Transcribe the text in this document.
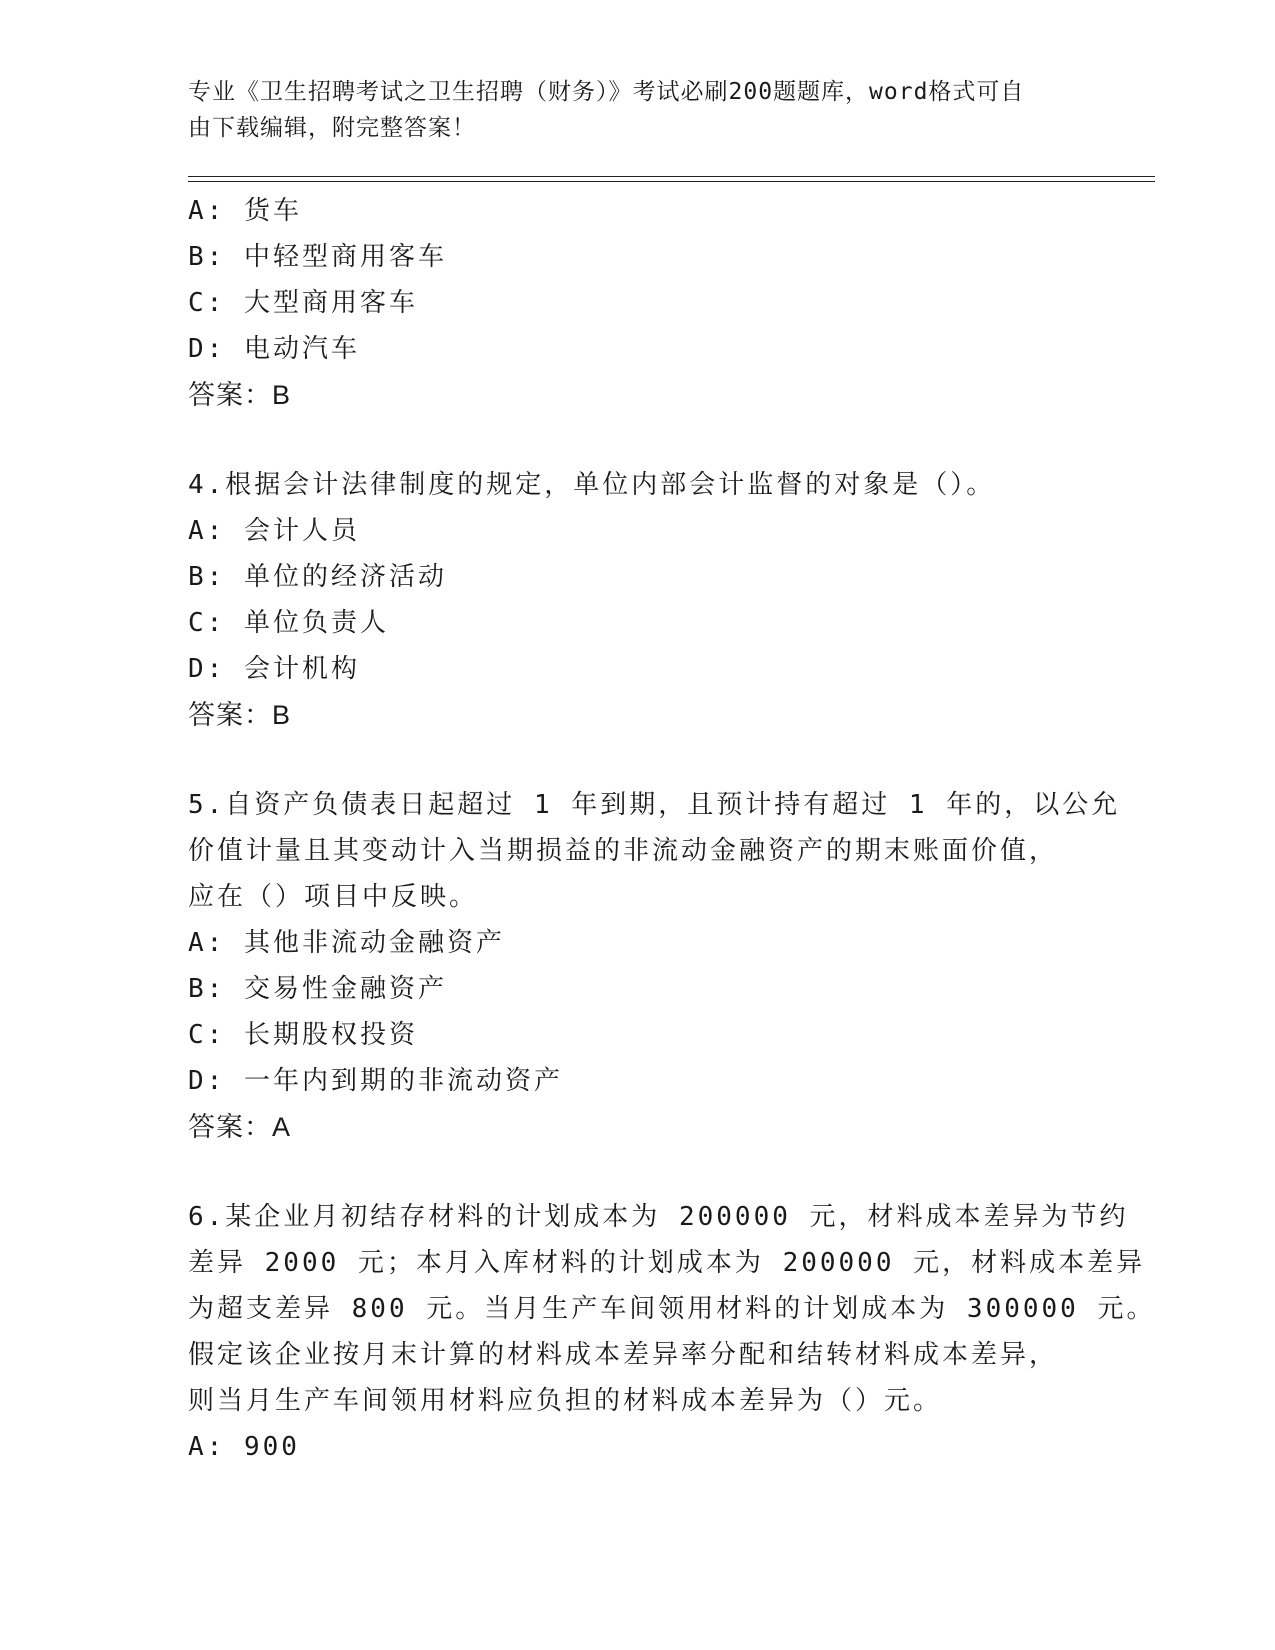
专业《卫生招聘考试之卫生招聘（财务）》考试必刷200题题库，word格式可自
由下载编辑，附完整答案！
A: 货车
B: 中轻型商用客车
C: 大型商用客车
D: 电动汽车
答案：B
4.根据会计法律制度的规定，单位内部会计监督的对象是（）。
A: 会计人员
B: 单位的经济活动
C: 单位负责人
D: 会计机构
答案：B
5.自资产负债表日起超过 1 年到期，且预计持有超过 1 年的，以公允
价值计量且其变动计入当期损益的非流动金融资产的期末账面价值，
应在（）项目中反映。
A: 其他非流动金融资产
B: 交易性金融资产
C: 长期股权投资
D: 一年内到期的非流动资产
答案：A
6.某企业月初结存材料的计划成本为 200000 元，材料成本差异为节约
差异 2000 元；本月入库材料的计划成本为 200000 元，材料成本差异
为超支差异 800 元。当月生产车间领用材料的计划成本为 300000 元。
假定该企业按月末计算的材料成本差异率分配和结转材料成本差异，
则当月生产车间领用材料应负担的材料成本差异为（）元。
A: 900
